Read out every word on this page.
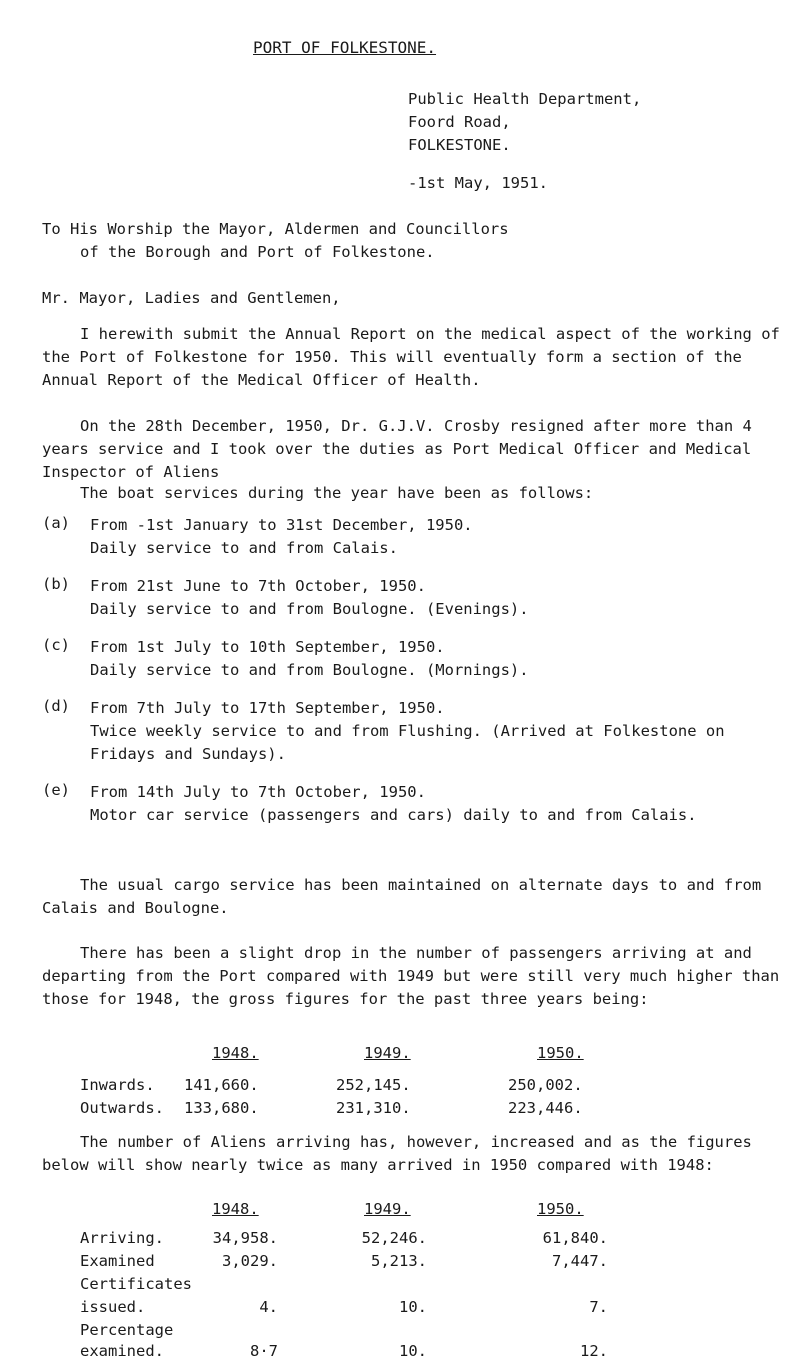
PORT OF FOLKESTONE.
Public Health Department,
Foord Road,
FOLKESTONE.
-1st May, 1951.
To His Worship the Mayor, Aldermen and Councillors
of the Borough and Port of Folkestone.
Mr. Mayor, Ladies and Gentlemen,
I herewith submit the Annual Report on the medical aspect of the working of the Port of Folkestone for 1950. This will eventually form a section of the Annual Report of the Medical Officer of Health.
On the 28th December, 1950, Dr. G.J.V. Crosby resigned after more than 4 years service and I took over the duties as Port Medical Officer and Medical Inspector of Aliens
The boat services during the year have been as follows:
(a) From -1st January to 31st December, 1950.
Daily service to and from Calais.
(b) From 21st June to 7th October, 1950.
Daily service to and from Boulogne. (Evenings).
(c) From 1st July to 10th September, 1950.
Daily service to and from Boulogne. (Mornings).
(d) From 7th July to 17th September, 1950.
Twice weekly service to and from Flushing. (Arrived at Folkestone on Fridays and Sundays).
(e) From 14th July to 7th October, 1950.
Motor car service (passengers and cars) daily to and from Calais.
The usual cargo service has been maintained on alternate days to and from Calais and Boulogne.
There has been a slight drop in the number of passengers arriving at and departing from the Port compared with 1949 but were still very much higher than those for 1948, the gross figures for the past three years being:
1948.	1949.	1950.
Inwards. 141,660.	252,145.	250,002.
Outwards. 133,680.	231,310.	223,446.
The number of Aliens arriving has, however, increased and as the figures below will show nearly twice as many arrived in 1950 compared with 1948:
1948.	1949.	1950.
Arriving.	34,958.	52,246.	61,840.
Examined	3,029.	5,213.	7,447.
Certificates
issued.	4.	10.	7.
Percentage
examined.	8·7	10.	12.
